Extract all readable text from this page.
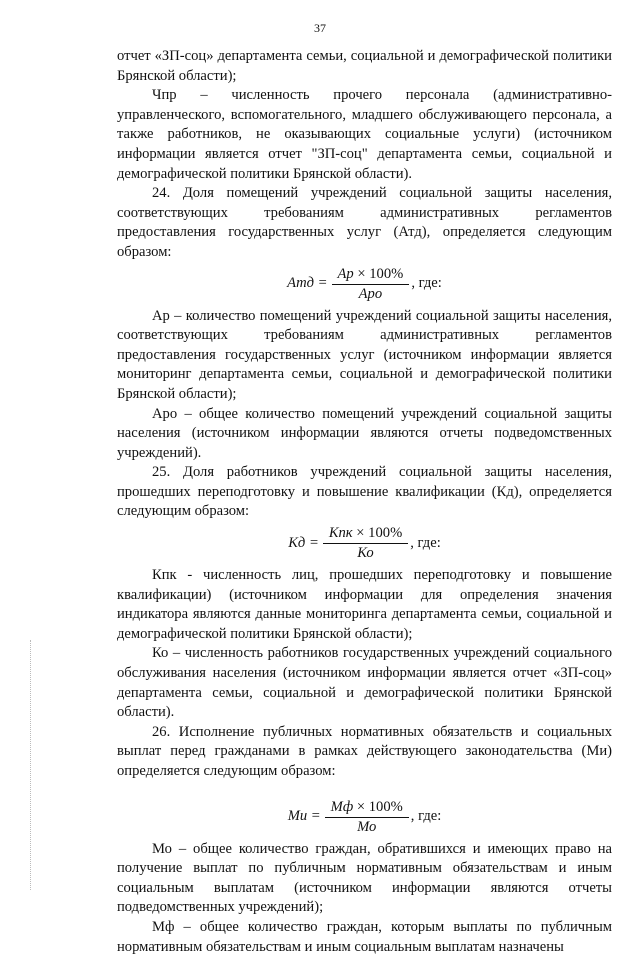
37

отчет «ЗП-соц» департамента семьи, социальной и демографической политики Брянской области);

Чпр – численность прочего персонала (административно-управленческого, вспомогательного, младшего обслуживающего персонала, а также работников, не оказывающих социальные услуги) (источником информации является отчет "ЗП-соц" департамента семьи, социальной и демографической политики Брянской области).

24. Доля помещений учреждений социальной защиты населения, соответствующих требованиям административных регламентов предоставления государственных услуг (Атд), определяется следующим образом:

Атд = $\frac{Ар \times 100\%}{\text{Аро}}$ , где:

Ар – количество помещений учреждений социальной защиты населения, соответствующих требованиям административных регламентов предоставления государственных услуг (источником информации является мониторинг департамента семьи, социальной и демографической политики Брянской области);

Аро – общее количество помещений учреждений социальной защиты населения (источником информации являются отчеты подведомственных учреждений).

25. Доля работников учреждений социальной защиты населения, прошедших переподготовку и повышение квалификации (Кд), определяется следующим образом:

Кд = $\frac{\text{Кпк × 100\%}}{Ко}$ , где:

Кпк - численность лиц, прошедших переподготовку и повышение квалификации) (источником информации для определения значения индикатора являются данные мониторинга департамента семьи, социальной и демографической политики Брянской области);

Ко – численность работников государственных учреждений социального обслуживания населения (источником информации является отчет «ЗП-соц» департамента семьи, социальной и демографической политики Брянской области).

26. Исполнение публичных нормативных обязательств и социальных выплат перед гражданами в рамках действующего законодательства (Ми) определяется следующим образом:

Ми = $\frac{Мф \times 100\%}{Мо}$ , где:

Мо – общее количество граждан, обратившихся и имеющих право на получение выплат по публичным нормативным обязательствам и иным социальным выплатам (источником информации являются отчеты подведомственных учреждений);

Мф – общее количество граждан, которым выплаты по публичным нормативным обязательствам и иным социальным выплатам назначены
